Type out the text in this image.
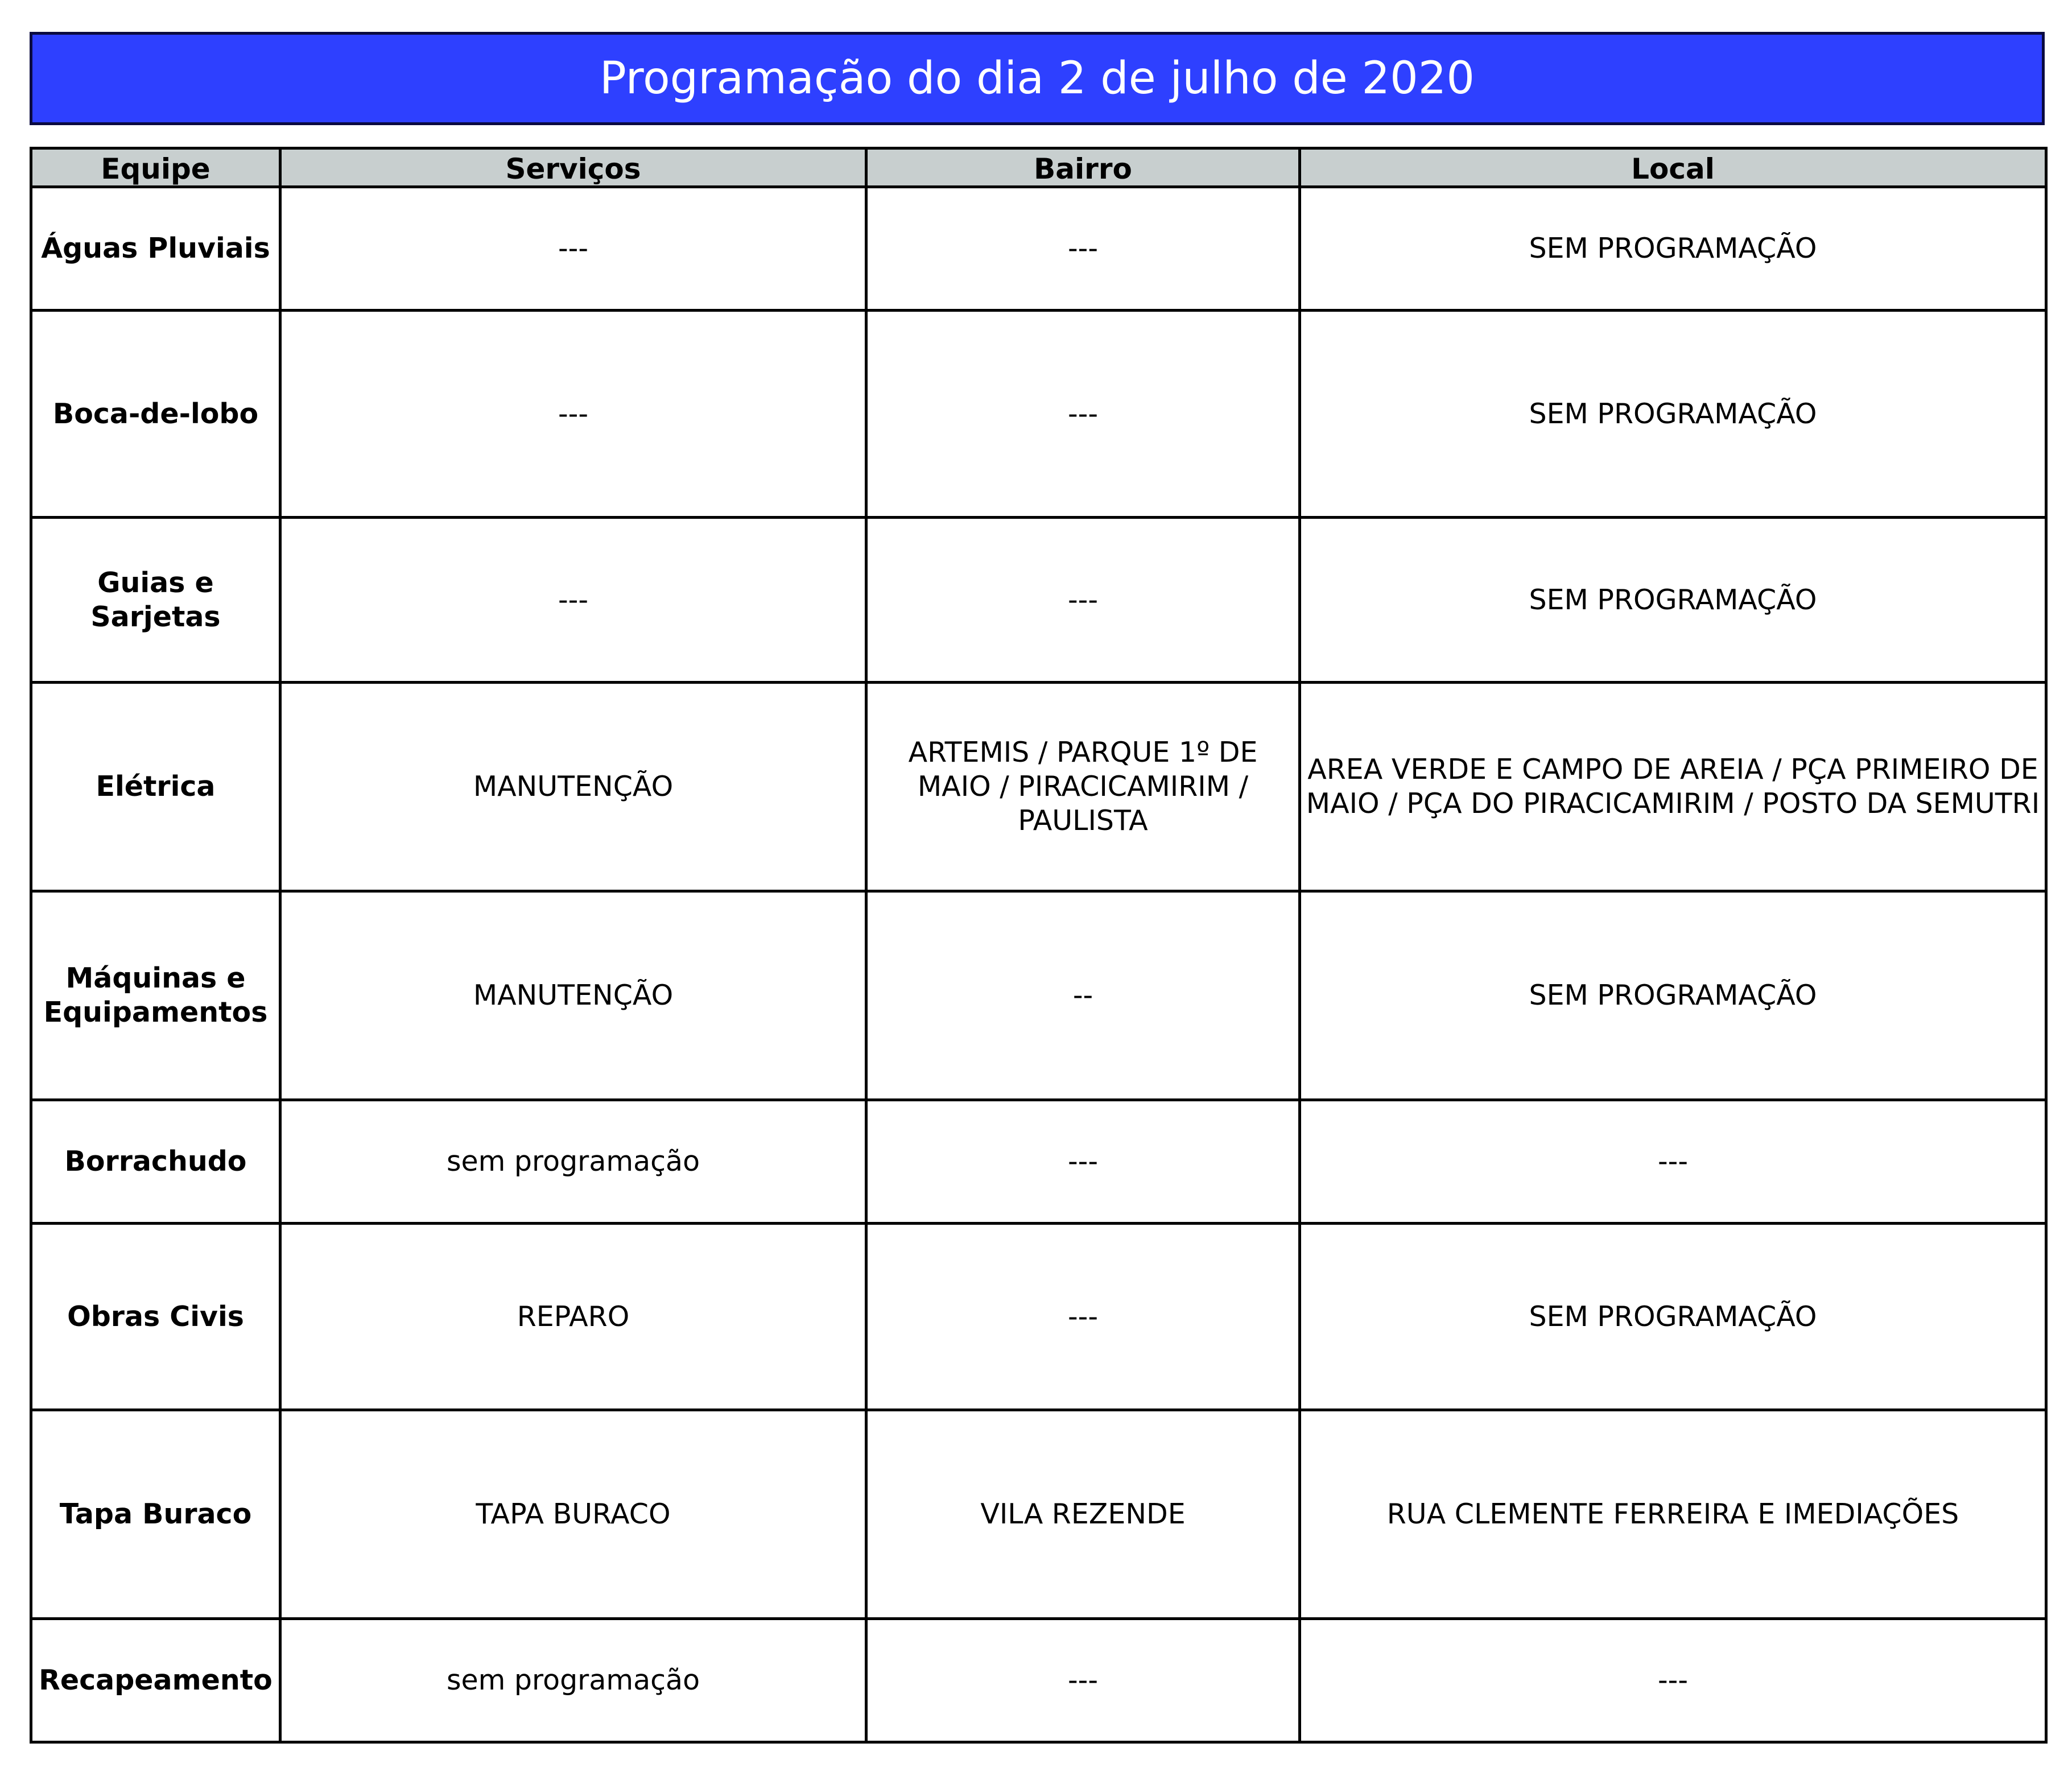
Programação do dia 2 de julho de 2020
Equipe	Serviços	Bairro	Local
Águas Pluviais	---	---	SEM PROGRAMAÇÃO
Boca-de-lobo	---	---	SEM PROGRAMAÇÃO
Guias e Sarjetas	---	---	SEM PROGRAMAÇÃO
Elétrica	MANUTENÇÃO	ARTEMIS / PARQUE 1º DE MAIO / PIRACICAMIRIM / PAULISTA	AREA VERDE E CAMPO DE AREIA / PÇA PRIMEIRO DE MAIO / PÇA DO PIRACICAMIRIM / POSTO DA SEMUTRI
Máquinas e Equipamentos	MANUTENÇÃO	--	SEM PROGRAMAÇÃO
Borrachudo	sem programação	---	---
Obras Civis	REPARO	---	SEM PROGRAMAÇÃO
Tapa Buraco	TAPA BURACO	VILA REZENDE	RUA CLEMENTE FERREIRA E IMEDIAÇÕES
Recapeamento	sem programação	---	---
